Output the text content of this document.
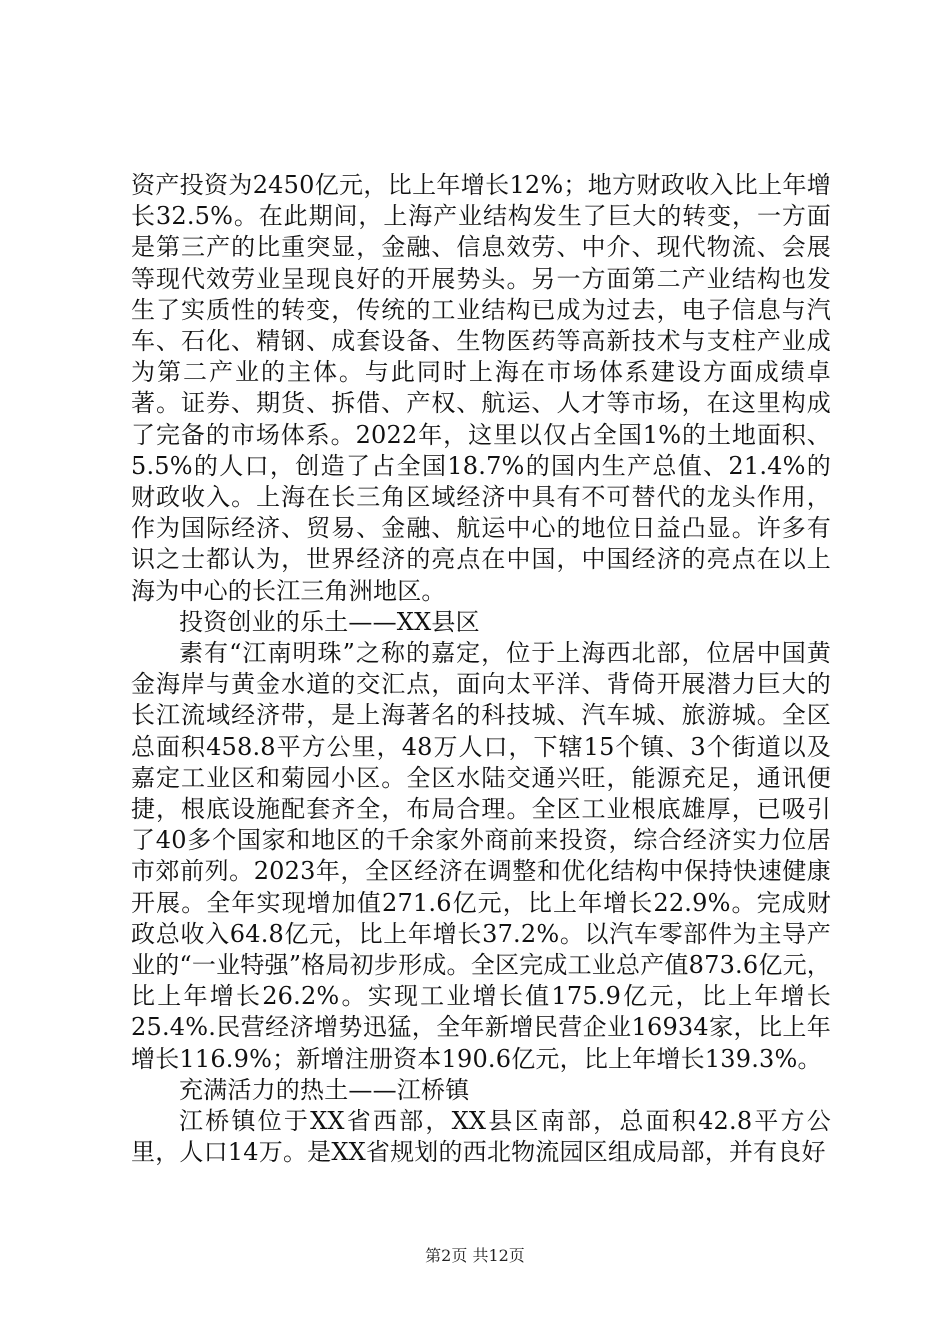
资产投资为2450亿元，比上年增长12%；地方财政收入比上年增长32.5%。在此期间，上海产业结构发生了巨大的转变，一方面是第三产的比重突显，金融、信息效劳、中介、现代物流、会展等现代效劳业呈现良好的开展势头。另一方面第二产业结构也发生了实质性的转变，传统的工业结构已成为过去，电子信息与汽车、石化、精钢、成套设备、生物医药等高新技术与支柱产业成为第二产业的主体。与此同时上海在市场体系建设方面成绩卓著。证券、期货、拆借、产权、航运、人才等市场，在这里构成了完备的市场体系。2022年，这里以仅占全国1%的土地面积、5.5%的人口，创造了占全国18.7%的国内生产总值、21.4%的财政收入。上海在长三角区域经济中具有不可替代的龙头作用，作为国际经济、贸易、金融、航运中心的地位日益凸显。许多有识之士都认为，世界经济的亮点在中国，中国经济的亮点在以上海为中心的长江三角洲地区。

投资创业的乐土——XX县区

素有“江南明珠”之称的嘉定，位于上海西北部，位居中国黄金海岸与黄金水道的交汇点，面向太平洋、背倚开展潜力巨大的长江流域经济带，是上海著名的科技城、汽车城、旅游城。全区总面积458.8平方公里，48万人口，下辖15个镇、3个街道以及嘉定工业区和菊园小区。全区水陆交通兴旺，能源充足，通讯便捷，根底设施配套齐全，布局合理。全区工业根底雄厚，已吸引了40多个国家和地区的千余家外商前来投资，综合经济实力位居市郊前列。2023年，全区经济在调整和优化结构中保持快速健康开展。全年实现增加值271.6亿元，比上年增长22.9%。完成财政总收入64.8亿元，比上年增长37.2%。以汽车零部件为主导产业的“一业特强”格局初步形成。全区完成工业总产值873.6亿元，比上年增长26.2%。实现工业增长值175.9亿元，比上年增长25.4%.民营经济增势迅猛，全年新增民营企业16934家，比上年增长116.9%；新增注册资本190.6亿元，比上年增长139.3%。

充满活力的热土——江桥镇

江桥镇位于XX省西部，XX县区南部，总面积42.8平方公里，人口14万。是XX省规划的西北物流园区组成局部，并有良好

第2页 共12页
